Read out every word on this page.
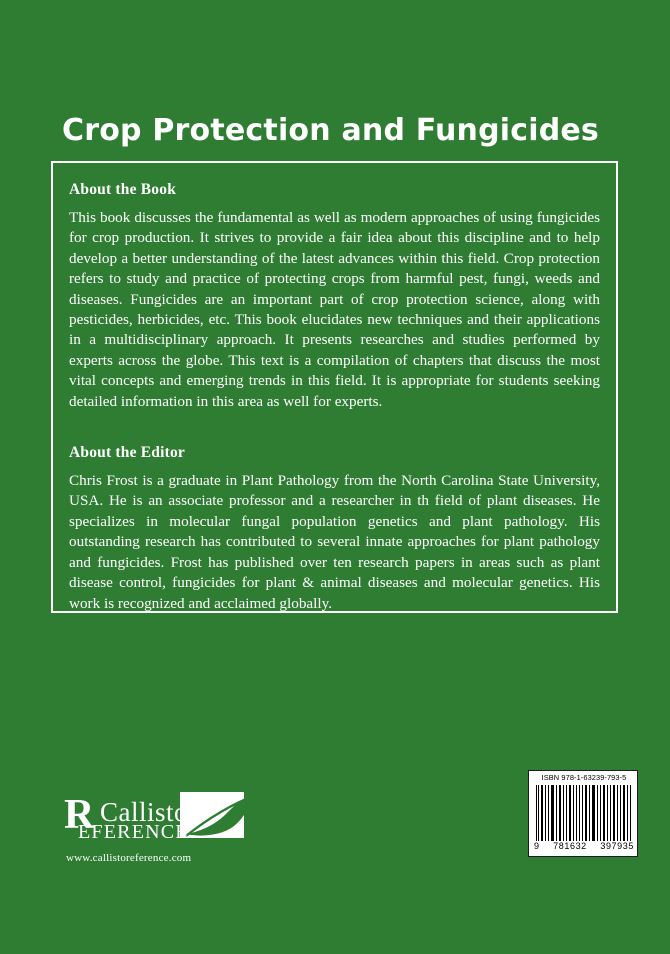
Crop Protection and Fungicides
About the Book

This book discusses the fundamental as well as modern approaches of using fungicides for crop production. It strives to provide a fair idea about this discipline and to help develop a better understanding of the latest advances within this field. Crop protection refers to study and practice of protecting crops from harmful pest, fungi, weeds and diseases. Fungicides are an important part of crop protection science, along with pesticides, herbicides, etc. This book elucidates new techniques and their applications in a multidisciplinary approach. It presents researches and studies performed by experts across the globe. This text is a compilation of chapters that discuss the most vital concepts and emerging trends in this field. It is appropriate for students seeking detailed information in this area as well for experts.

About the Editor

Chris Frost is a graduate in Plant Pathology from the North Carolina State University, USA. He is an associate professor and a researcher in th field of plant diseases. He specializes in molecular fungal population genetics and plant pathology. His outstanding research has contributed to several innate approaches for plant pathology and fungicides. Frost has published over ten research papers in areas such as plant disease control, fungicides for plant & animal diseases and molecular genetics. His work is recognized and acclaimed globally.

R Callisto
EFERENCE
www.callistoreference.com
ISBN 978-1-63239-793-5
9 781632 397935
